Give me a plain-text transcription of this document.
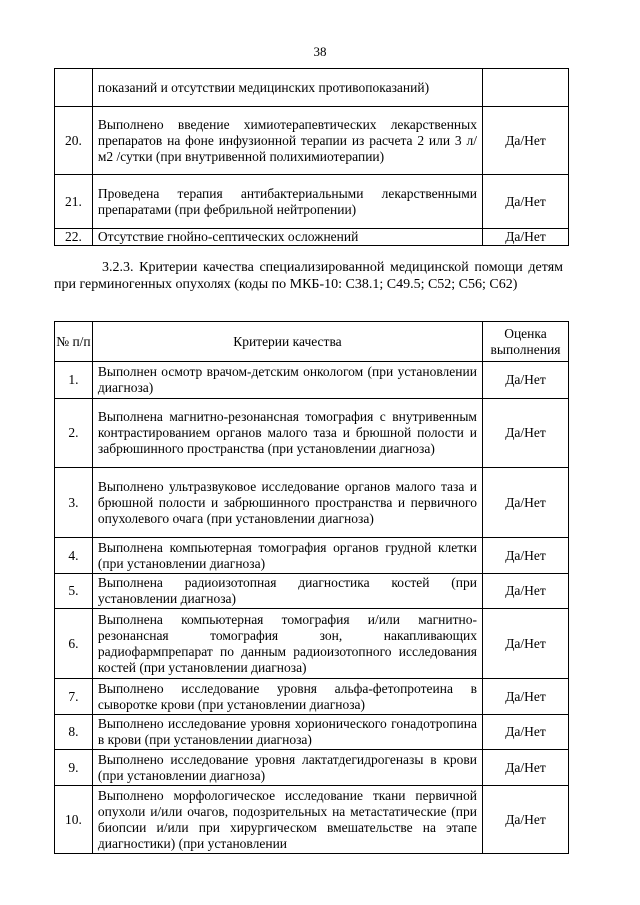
38
	показаний и отсутствии медицинских противопоказаний)	
20.	Выполнено введение химиотерапевтических лекарственных препаратов на фоне инфузионной терапии из расчета 2 или 3 л/м2 /сутки (при внутривенной полихимиотерапии)	Да/Нет
21.	Проведена терапия антибактериальными лекарственными препаратами (при фебрильной нейтропении)	Да/Нет
22.	Отсутствие гнойно-септических осложнений	Да/Нет
3.2.3. Критерии качества специализированной медицинской помощи детям при герминогенных опухолях (коды по МКБ-10: С38.1; С49.5; С52; С56; С62)
№ п/п	Критерии качества	Оценка выполнения
1.	Выполнен осмотр врачом-детским онкологом (при установлении диагноза)	Да/Нет
2.	Выполнена магнитно-резонансная томография с внутривенным контрастированием органов малого таза и брюшной полости и забрюшинного пространства (при установлении диагноза)	Да/Нет
3.	Выполнено ультразвуковое исследование органов малого таза и брюшной полости и забрюшинного пространства и первичного опухолевого очага (при установлении диагноза)	Да/Нет
4.	Выполнена компьютерная томография органов грудной клетки (при установлении диагноза)	Да/Нет
5.	Выполнена радиоизотопная диагностика костей (при установлении диагноза)	Да/Нет
6.	Выполнена компьютерная томография и/или магнитно-резонансная томография зон, накапливающих радиофармпрепарат по данным радиоизотопного исследования костей (при установлении диагноза)	Да/Нет
7.	Выполнено исследование уровня альфа-фетопротеина в сыворотке крови (при установлении диагноза)	Да/Нет
8.	Выполнено исследование уровня хорионического гонадотропина в крови (при установлении диагноза)	Да/Нет
9.	Выполнено исследование уровня лактатдегидрогеназы в крови (при установлении диагноза)	Да/Нет
10.	Выполнено морфологическое исследование ткани первичной опухоли и/или очагов, подозрительных на метастатические (при биопсии и/или при хирургическом вмешательстве на этапе диагностики) (при установлении	Да/Нет
